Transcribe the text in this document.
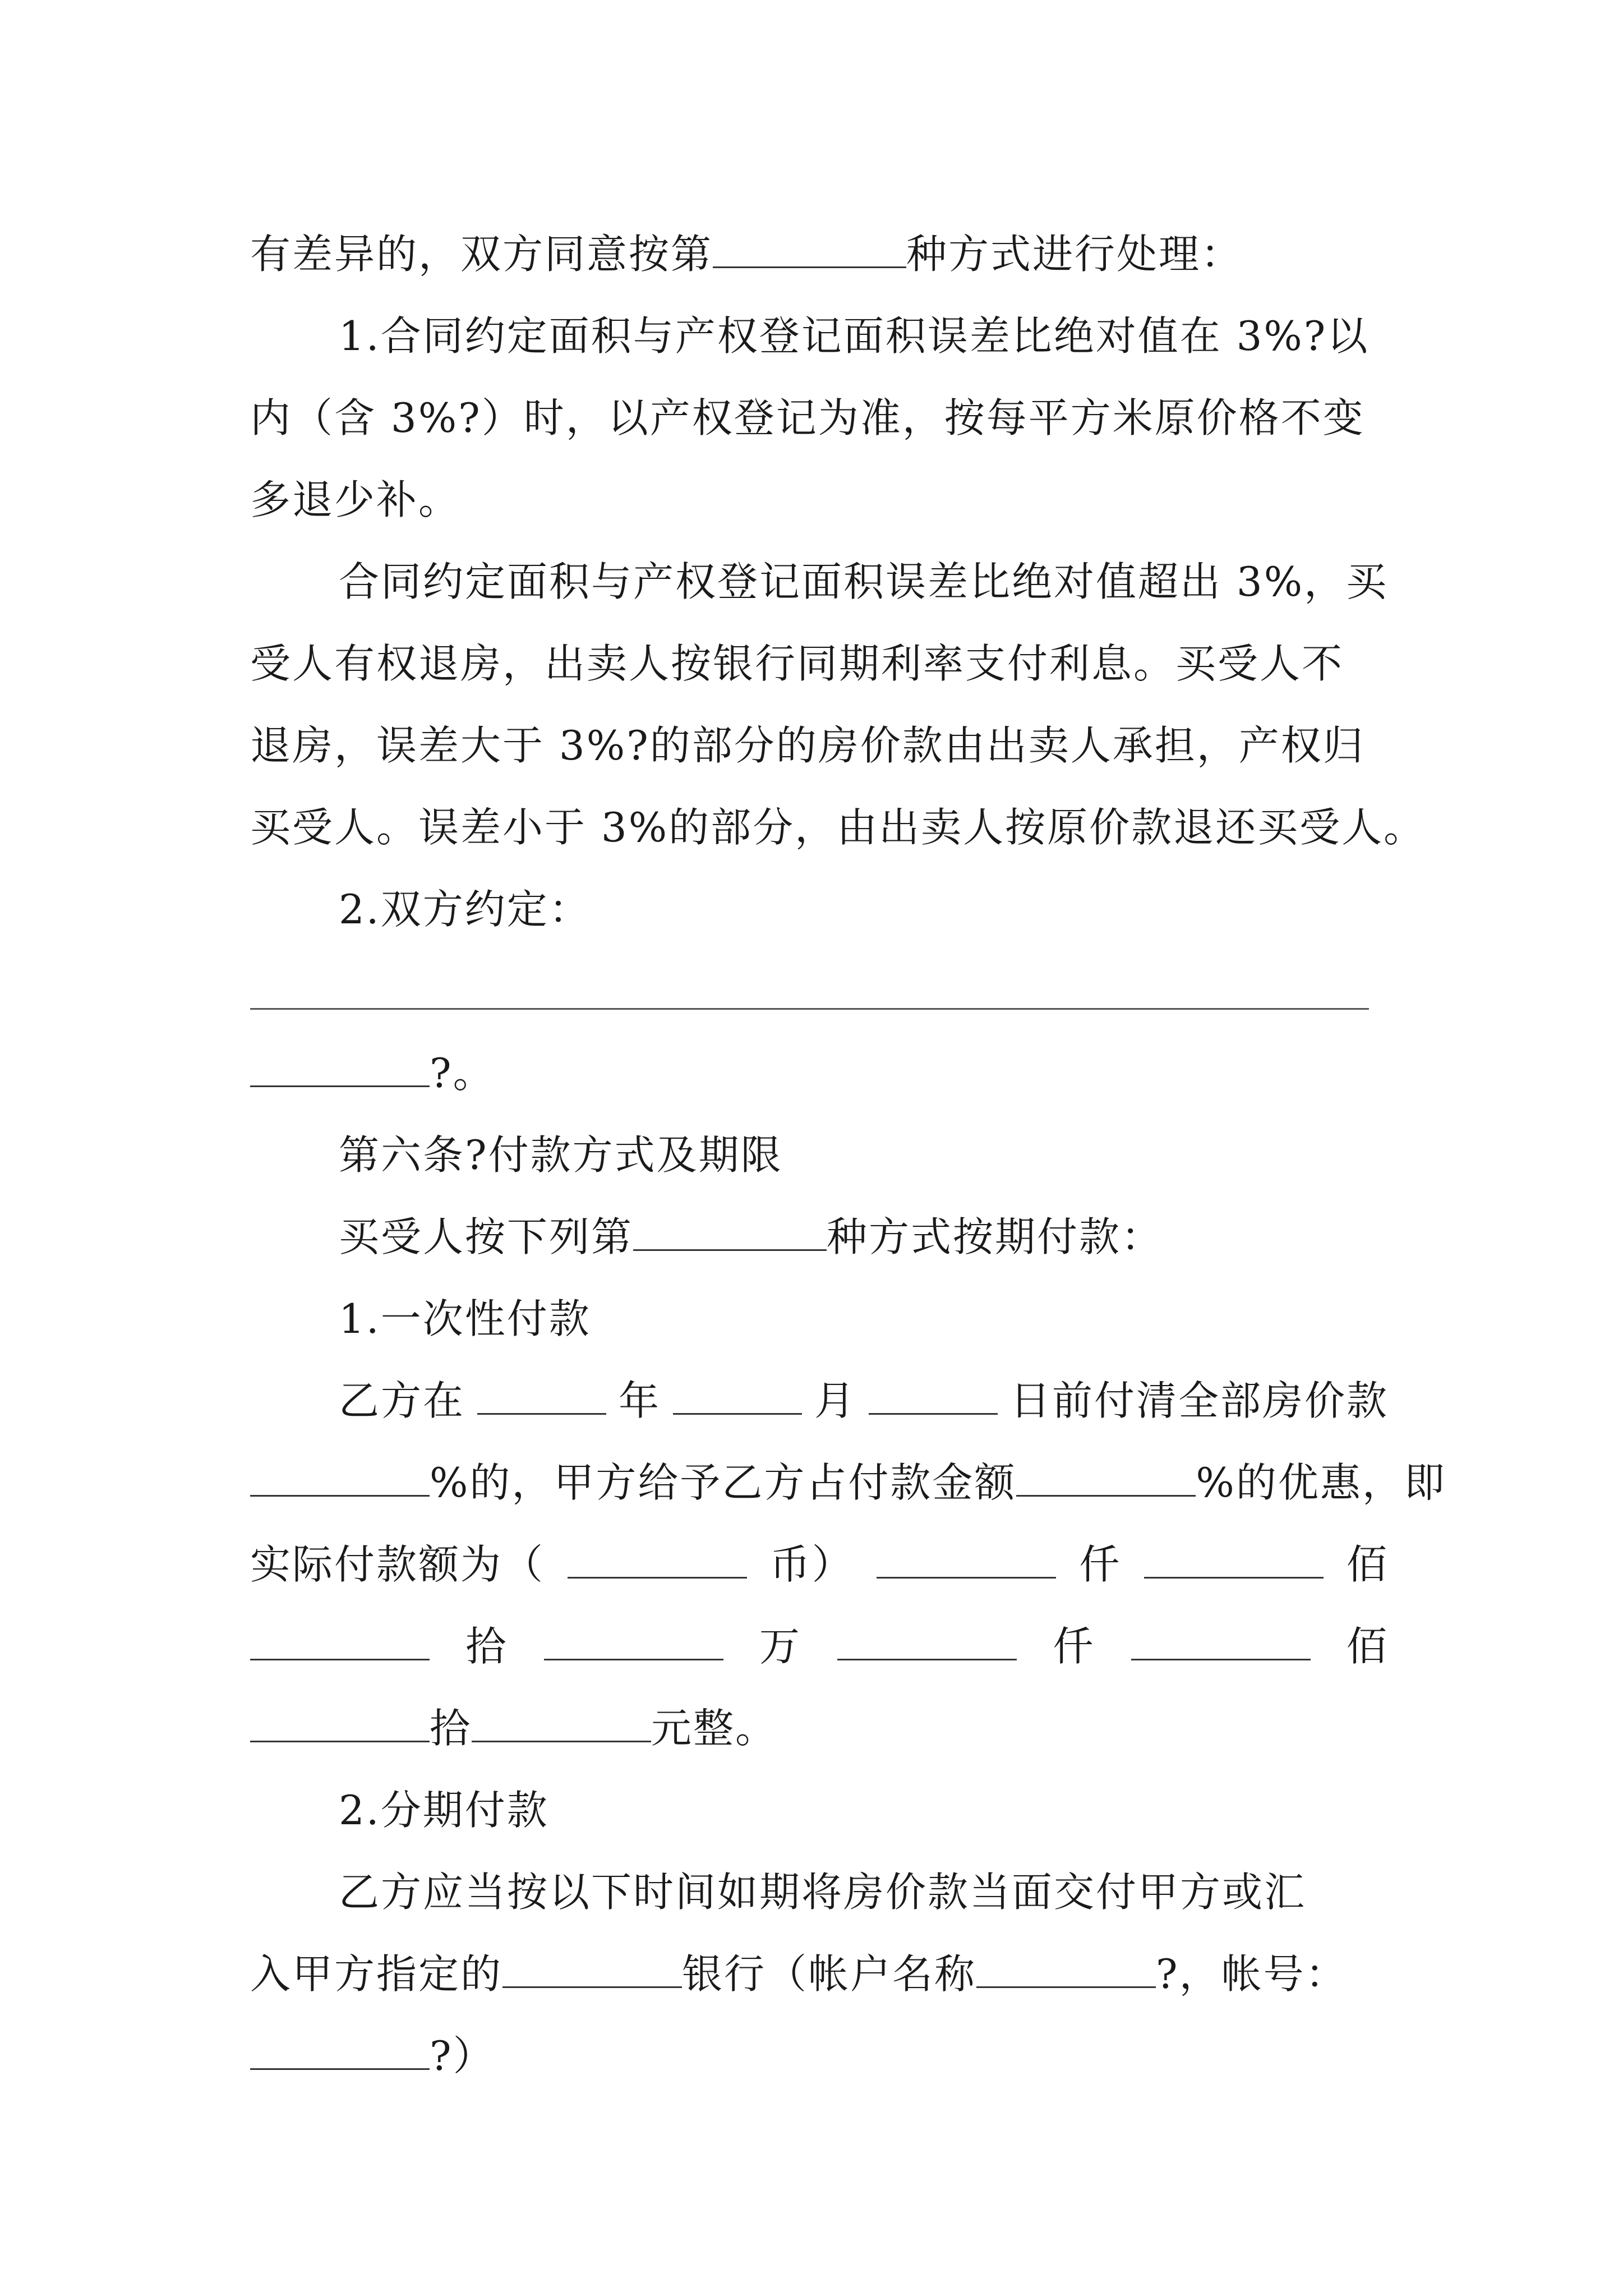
有差异的，双方同意按第	种方式进行处理：
1.合同约定面积与产权登记面积误差比绝对值在 3%?以
内（含 3%?）时，以产权登记为准，按每平方米原价格不变
多退少补。
合同约定面积与产权登记面积误差比绝对值超出 3%，买
受人有权退房，出卖人按银行同期利率支付利息。买受人不
退房，误差大于 3%?的部分的房价款由出卖人承担，产权归
买受人。误差小于 3%的部分，由出卖人按原价款退还买受人。
2.双方约定：
?。
第六条?付款方式及期限
买受人按下列第	种方式按期付款：
1.一次性付款
乙方在	年	月	日前付清全部房价款
%的，甲方给予乙方占付款金额	%的优惠，即
实际付款额为（	币）	仟	佰
拾	万	仟	佰
拾	元整。
2.分期付款
乙方应当按以下时间如期将房价款当面交付甲方或汇
入甲方指定的	银行（帐户名称	?，帐号：
?）
